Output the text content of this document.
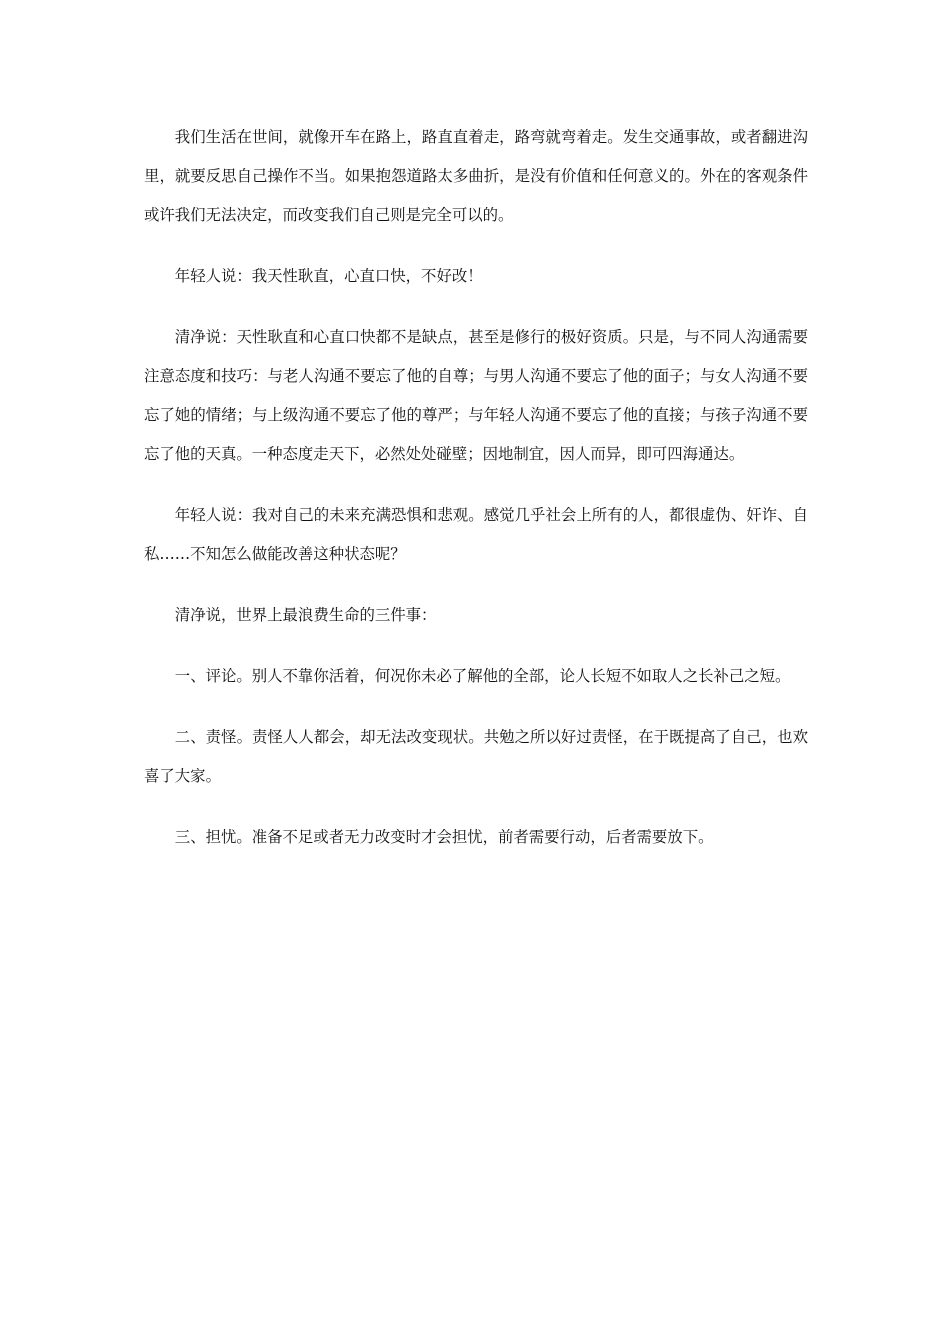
我们生活在世间，就像开车在路上，路直直着走，路弯就弯着走。发生交通事故，或者翻进沟里，就要反思自己操作不当。如果抱怨道路太多曲折，是没有价值和任何意义的。外在的客观条件或许我们无法决定，而改变我们自己则是完全可以的。

年轻人说：我天性耿直，心直口快，不好改！

清净说：天性耿直和心直口快都不是缺点，甚至是修行的极好资质。只是，与不同人沟通需要注意态度和技巧：与老人沟通不要忘了他的自尊；与男人沟通不要忘了他的面子；与女人沟通不要忘了她的情绪；与上级沟通不要忘了他的尊严；与年轻人沟通不要忘了他的直接；与孩子沟通不要忘了他的天真。一种态度走天下，必然处处碰壁；因地制宜，因人而异，即可四海通达。

年轻人说：我对自己的未来充满恐惧和悲观。感觉几乎社会上所有的人，都很虚伪、奸诈、自私……不知怎么做能改善这种状态呢？

清净说，世界上最浪费生命的三件事：

一、评论。别人不靠你活着，何况你未必了解他的全部，论人长短不如取人之长补己之短。

二、责怪。责怪人人都会，却无法改变现状。共勉之所以好过责怪，在于既提高了自己，也欢喜了大家。

三、担忧。准备不足或者无力改变时才会担忧，前者需要行动，后者需要放下。
